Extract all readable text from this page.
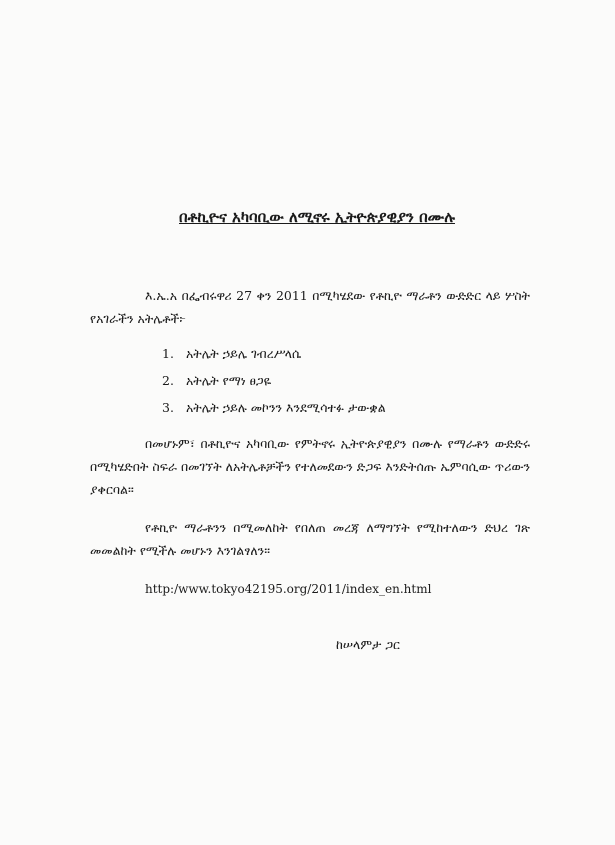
በቶኪዮና አካባቢው ለሚኖሩ ኢትዮጵያዊያን በሙሉ
እ.ኤ.አ በፌብሩዋሪ 27 ቀን 2011 በሚካሄደው የቶኪዮ ማራቶን ውድድር ላይ ሦስት የአገራችን አትሌቶች፦
1. አትሌት ኃይሌ ገብረሥላሴ
2. አትሌት የማነ ፀጋዬ
3. አትሌት ኃይሉ መኮንን እንደሚሳተፉ ታውቋል
በመሆኑም፣ በቶኪዮና አካባቢው የምትኖሩ ኢትዮጵያዊያን በሙሉ የማራቶን ውድድሩ በሚካሄድበት ስፍራ በመገኘት ለአትሌቶቻችን የተለመደውን ድጋፍ እንድትሰጡ ኤምባሲው ጥሪውን ያቀርባል፡፡
የቶኪዮ ማራቶንን በሚመለከት የበለጠ መረጃ ለማግኘት የሚከተለውን ድህረ ገጽ መመልከት የሚችሉ መሆኑን እንገልፃለን፡፡
http:/www.tokyo42195.org/2011/index_en.html
ከሠላምታ ጋር
